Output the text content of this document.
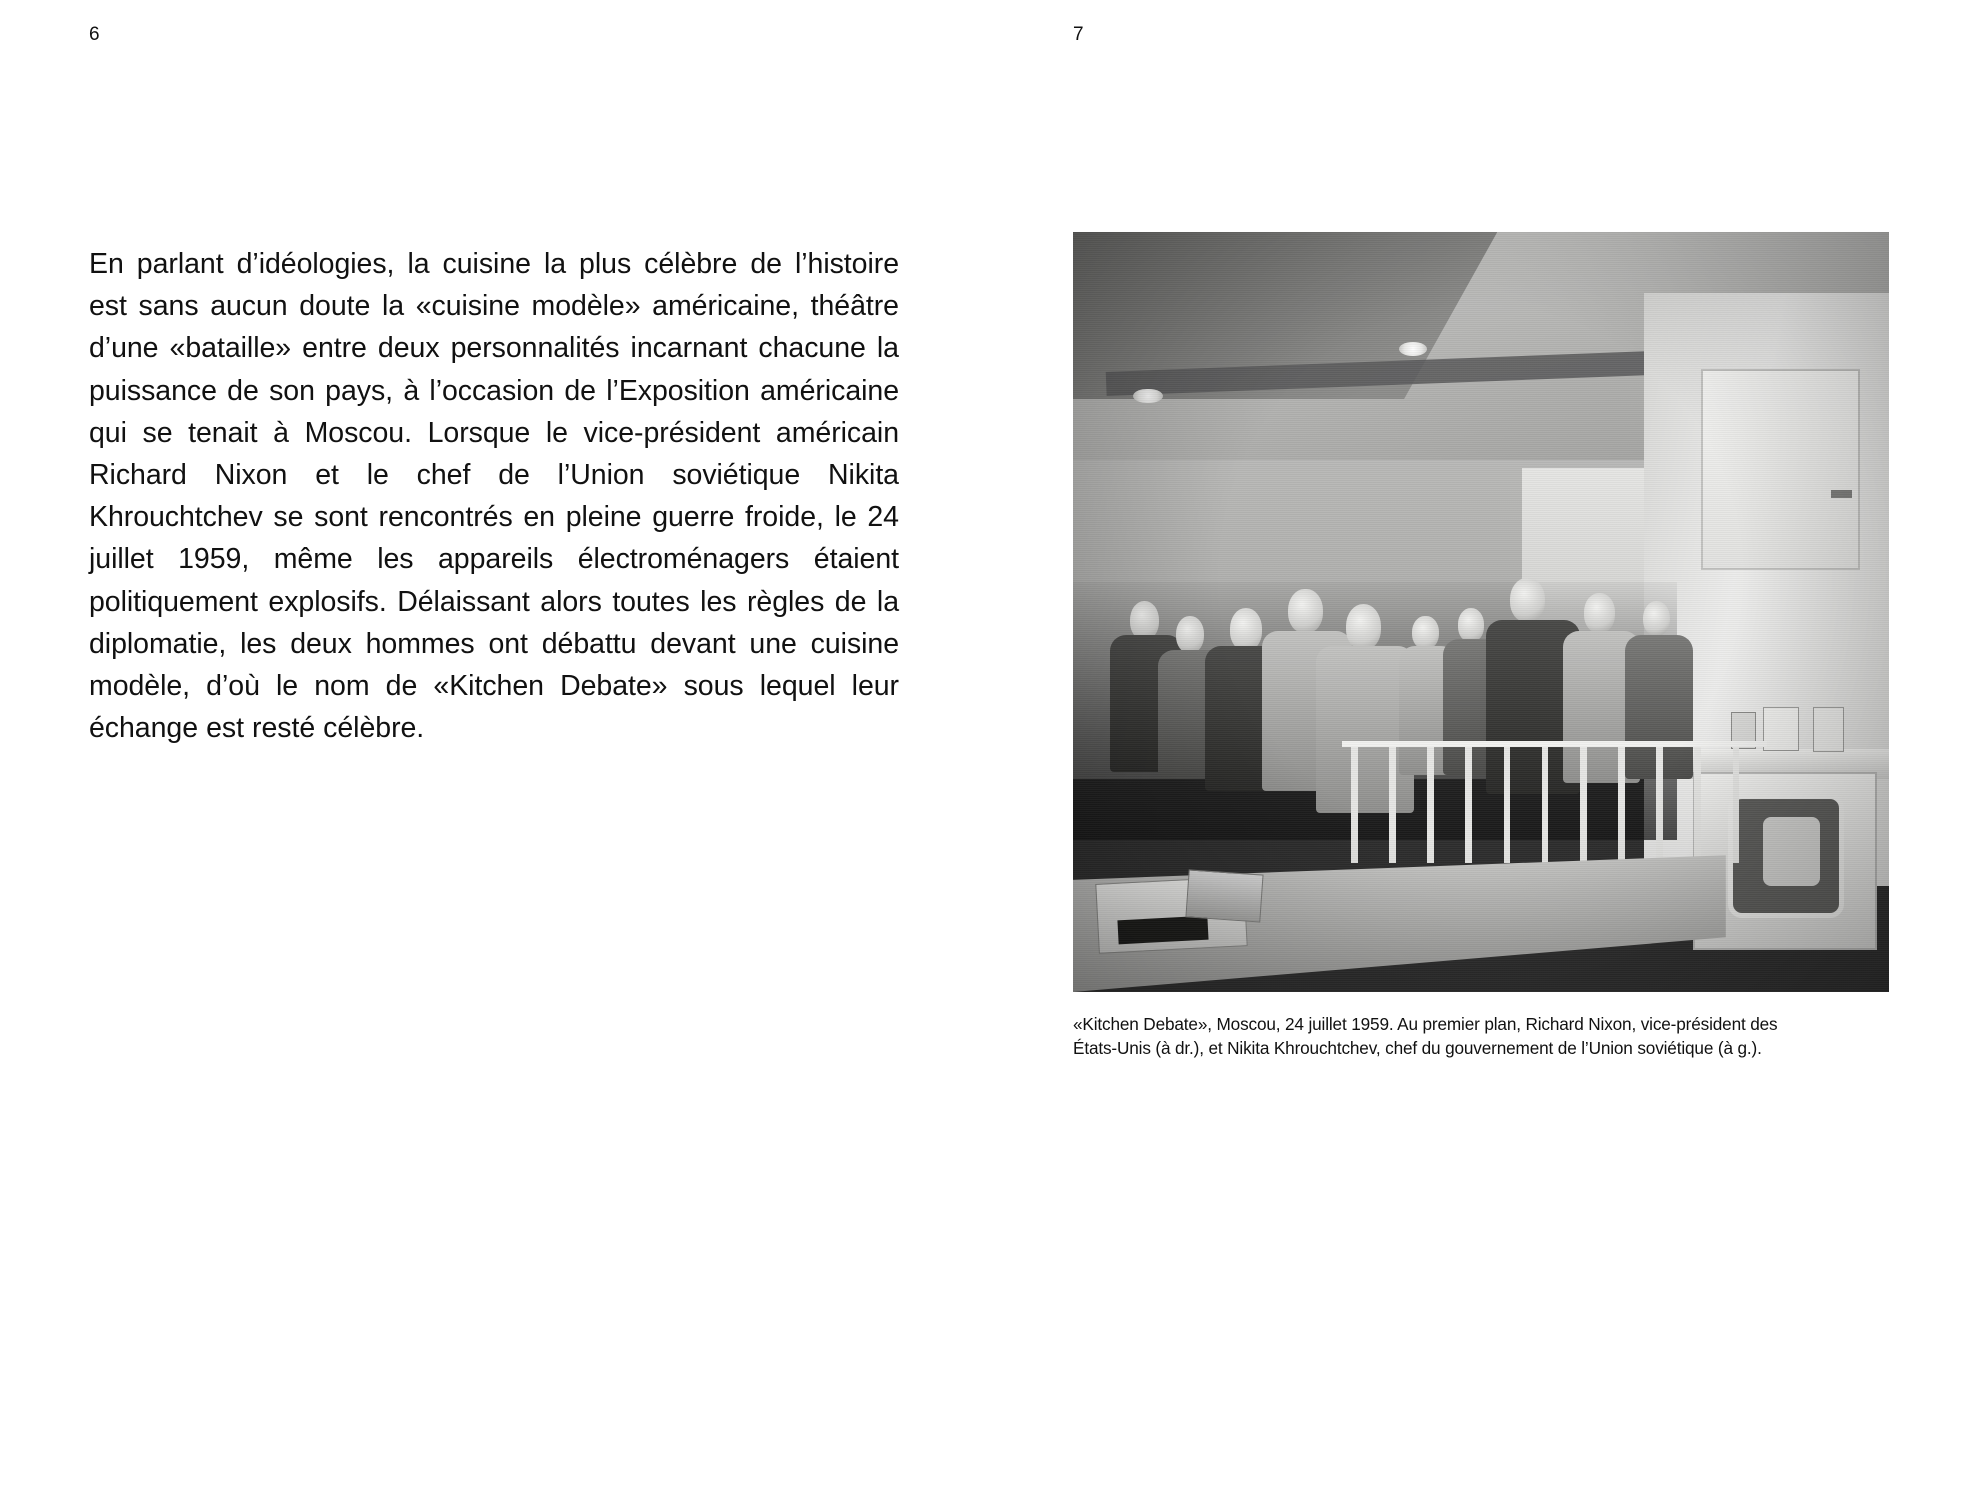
6	7
En parlant d’idéologies, la cuisine la plus célèbre de l’histoire est sans aucun doute la «cuisine modèle» américaine, théâtre d’une «bataille» entre deux personnalités incarnant chacune la puissance de son pays, à l’occasion de l’Exposition américaine qui se tenait à Moscou. Lorsque le vice-président américain Richard Nixon et le chef de l’Union soviétique Nikita Khrouchtchev se sont rencontrés en pleine guerre froide, le 24 juillet 1959, même les appareils électroménagers étaient politiquement explosifs. Délaissant alors toutes les règles de la diplomatie, les deux hommes ont débattu devant une cuisine modèle, d’où le nom de «Kitchen Debate» sous lequel leur échange est resté célèbre.
«Kitchen Debate», Moscou, 24 juillet 1959. Au premier plan, Richard Nixon, vice-président des
États-Unis (à dr.), et Nikita Khrouchtchev, chef du gouvernement de l’Union soviétique (à g.).
